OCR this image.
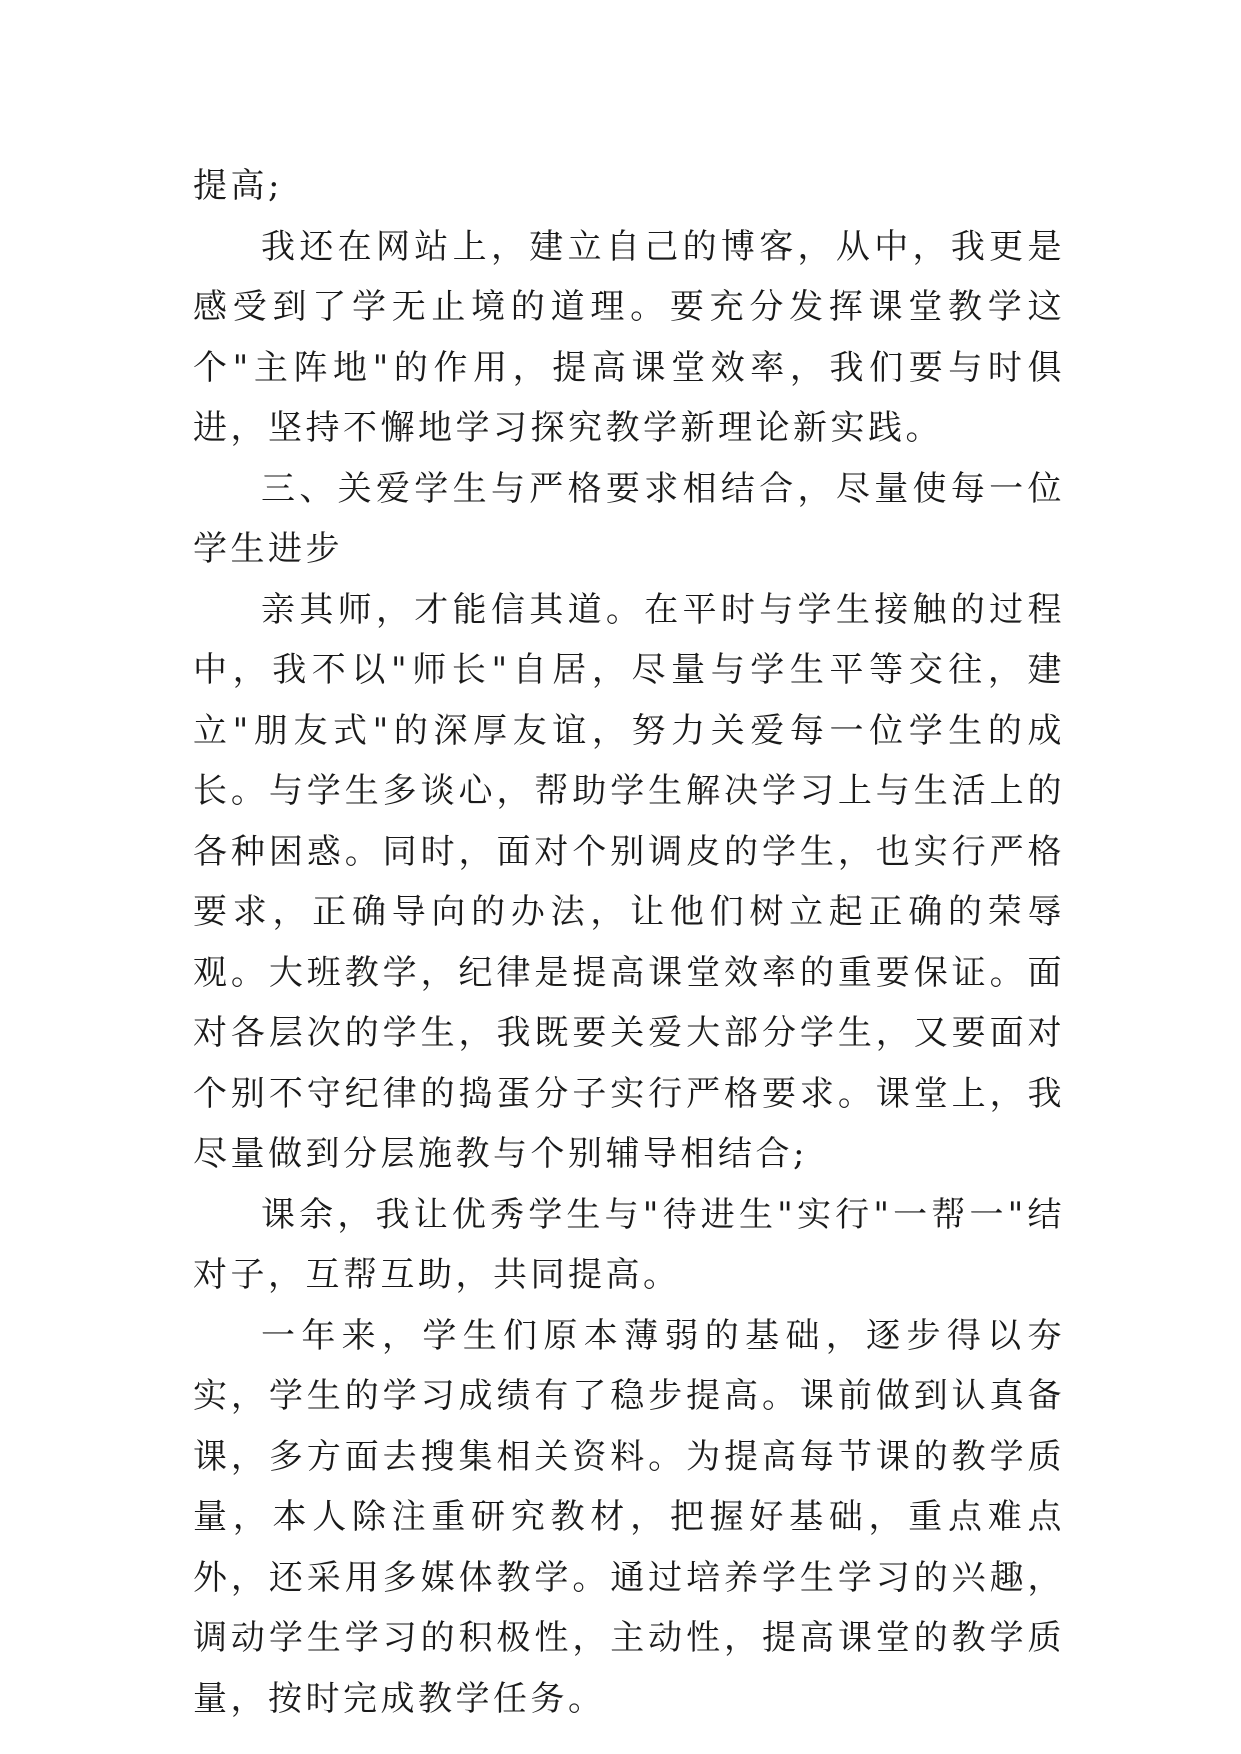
提高;

我还在网站上，建立自己的博客，从中，我更是感受到了学无止境的道理。要充分发挥课堂教学这个"主阵地"的作用，提高课堂效率，我们要与时俱进，坚持不懈地学习探究教学新理论新实践。

三、关爱学生与严格要求相结合，尽量使每一位学生进步

亲其师，才能信其道。在平时与学生接触的过程中，我不以"师长"自居，尽量与学生平等交往，建立"朋友式"的深厚友谊，努力关爱每一位学生的成长。与学生多谈心，帮助学生解决学习上与生活上的各种困惑。同时，面对个别调皮的学生，也实行严格要求，正确导向的办法，让他们树立起正确的荣辱观。大班教学，纪律是提高课堂效率的重要保证。面对各层次的学生，我既要关爱大部分学生，又要面对个别不守纪律的捣蛋分子实行严格要求。课堂上，我尽量做到分层施教与个别辅导相结合;

课余，我让优秀学生与"待进生"实行"一帮一"结对子，互帮互助，共同提高。

一年来，学生们原本薄弱的基础，逐步得以夯实，学生的学习成绩有了稳步提高。课前做到认真备课，多方面去搜集相关资料。为提高每节课的教学质量，本人除注重研究教材，把握好基础，重点难点外，还采用多媒体教学。通过培养学生学习的兴趣，调动学生学习的积极性，主动性，提高课堂的教学质量，按时完成教学任务。
